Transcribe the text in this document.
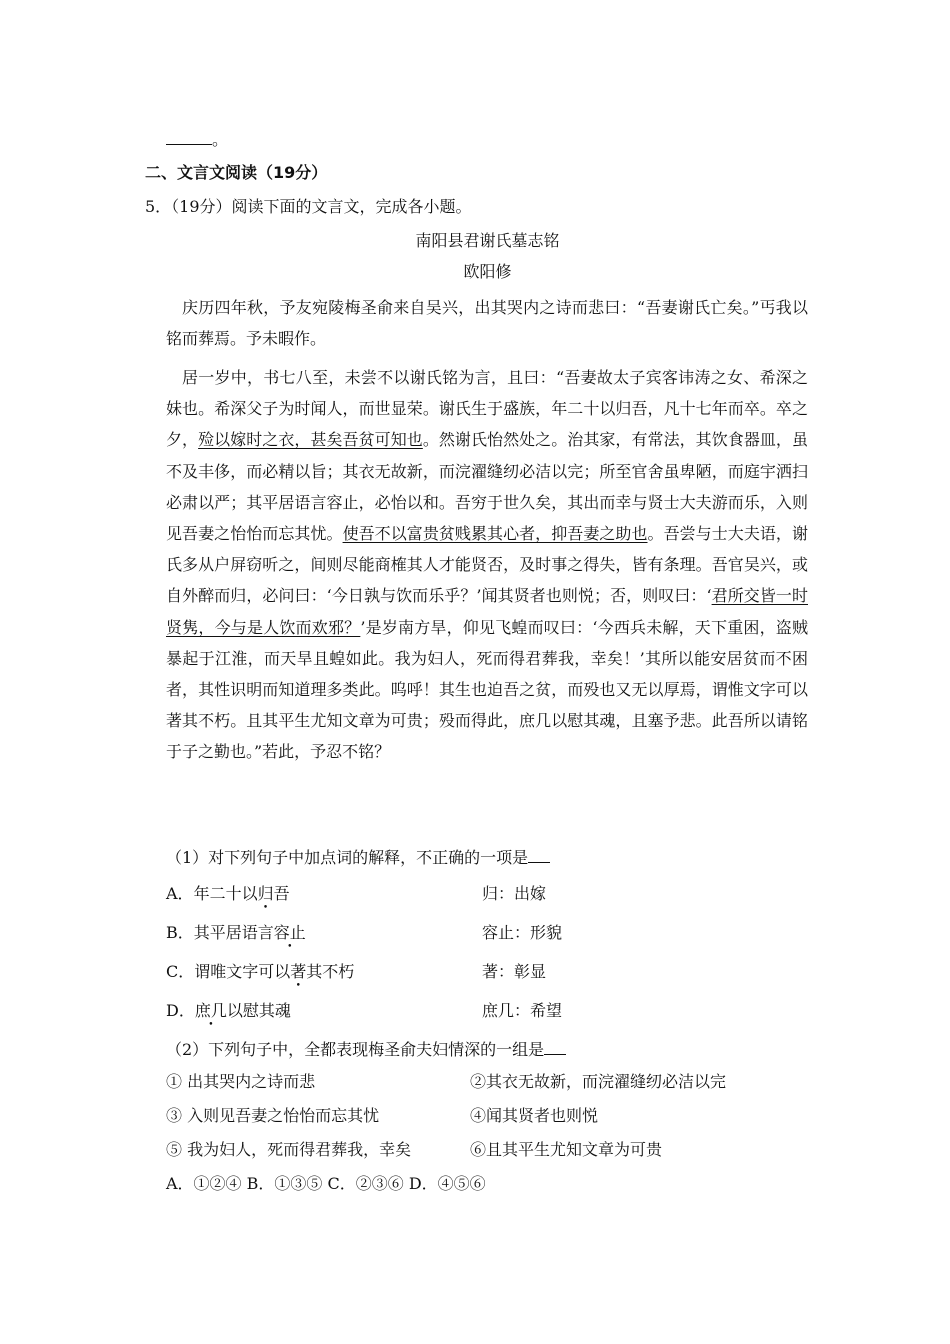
。
二、文言文阅读（19分）
5．（19分）阅读下面的文言文，完成各小题。
南阳县君谢氏墓志铭
欧阳修
庆历四年秋，予友宛陵梅圣俞来自吴兴，出其哭内之诗而悲曰：“吾妻谢氏亡矣。”丐我以铭而葬焉。予未暇作。
居一岁中，书七八至，未尝不以谢氏铭为言，且曰：“吾妻故太子宾客讳涛之女、希深之妹也。希深父子为时闻人，而世显荣。谢氏生于盛族，年二十以归吾，凡十七年而卒。卒之夕，殓以嫁时之衣，甚矣吾贫可知也。然谢氏怡然处之。治其家，有常法，其饮食器皿，虽不及丰侈，而必精以旨；其衣无故新，而浣濯缝纫必洁以完；所至官舍虽卑陋，而庭宇洒扫必肃以严；其平居语言容止，必怡以和。吾穷于世久矣，其出而幸与贤士大夫游而乐，入则见吾妻之怡怡而忘其忧。使吾不以富贵贫贱累其心者，抑吾妻之助也。吾尝与士大夫语，谢氏多从户屏窃听之，间则尽能商榷其人才能贤否，及时事之得失，皆有条理。吾官吴兴，或自外醉而归，必问曰：‘今日孰与饮而乐乎？’闻其贤者也则悦；否，则叹曰：‘君所交皆一时贤隽，今与是人饮而欢邪？’是岁南方旱，仰见飞蝗而叹曰：‘今西兵未解，天下重困，盗贼暴起于江淮，而天旱且蝗如此。我为妇人，死而得君葬我，幸矣！’其所以能安居贫而不困者，其性识明而知道理多类此。呜呼！其生也迫吾之贫，而殁也又无以厚焉，谓惟文字可以著其不朽。且其平生尤知文章为可贵；殁而得此，庶几以慰其魂，且塞予悲。此吾所以请铭于子之勤也。”若此，予忍不铭？
（1）对下列句子中加点词的解释，不正确的一项是
A．年二十以归吾	归：出嫁
B．其平居语言容止	容止：形貌
C．谓唯文字可以著其不朽	著：彰显
D．庶几以慰其魂	庶几：希望
（2）下列句子中，全都表现梅圣俞夫妇情深的一组是
① 出其哭内之诗而悲	②其衣无故新，而浣濯缝纫必洁以完
③ 入则见吾妻之怡怡而忘其忧	④闻其贤者也则悦
⑤ 我为妇人，死而得君葬我，幸矣	⑥且其平生尤知文章为可贵
A．①②④ B．①③⑤ C．②③⑥ D．④⑤⑥
